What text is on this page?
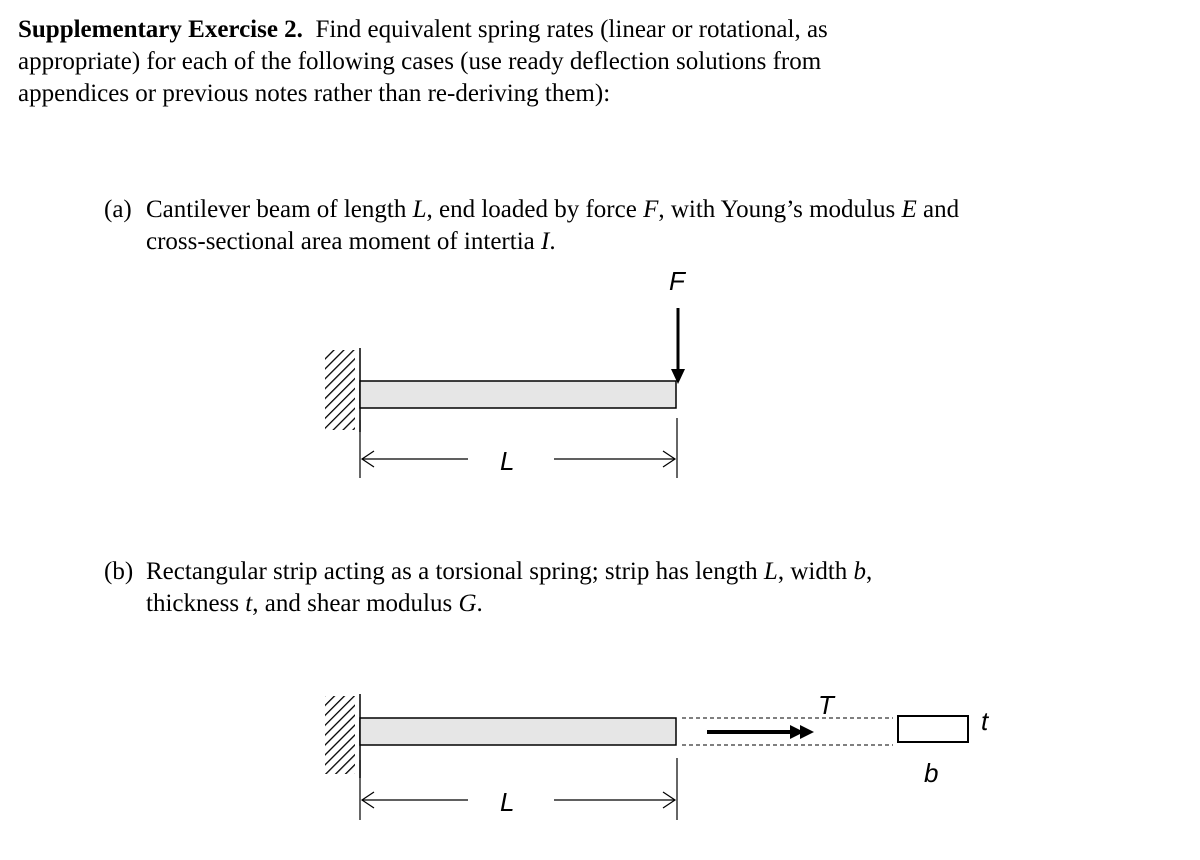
Supplementary Exercise 2. Find equivalent spring rates (linear or rotational, as
appropriate) for each of the following cases (use ready deflection solutions from
appendices or previous notes rather than re-deriving them):
(a) Cantilever beam of length L, end loaded by force F, with Young’s modulus E and
cross-sectional area moment of intertia I.
(b) Rectangular strip acting as a torsional spring; strip has length L, width b,
thickness t, and shear modulus G.
F
L
T
t
b
L
